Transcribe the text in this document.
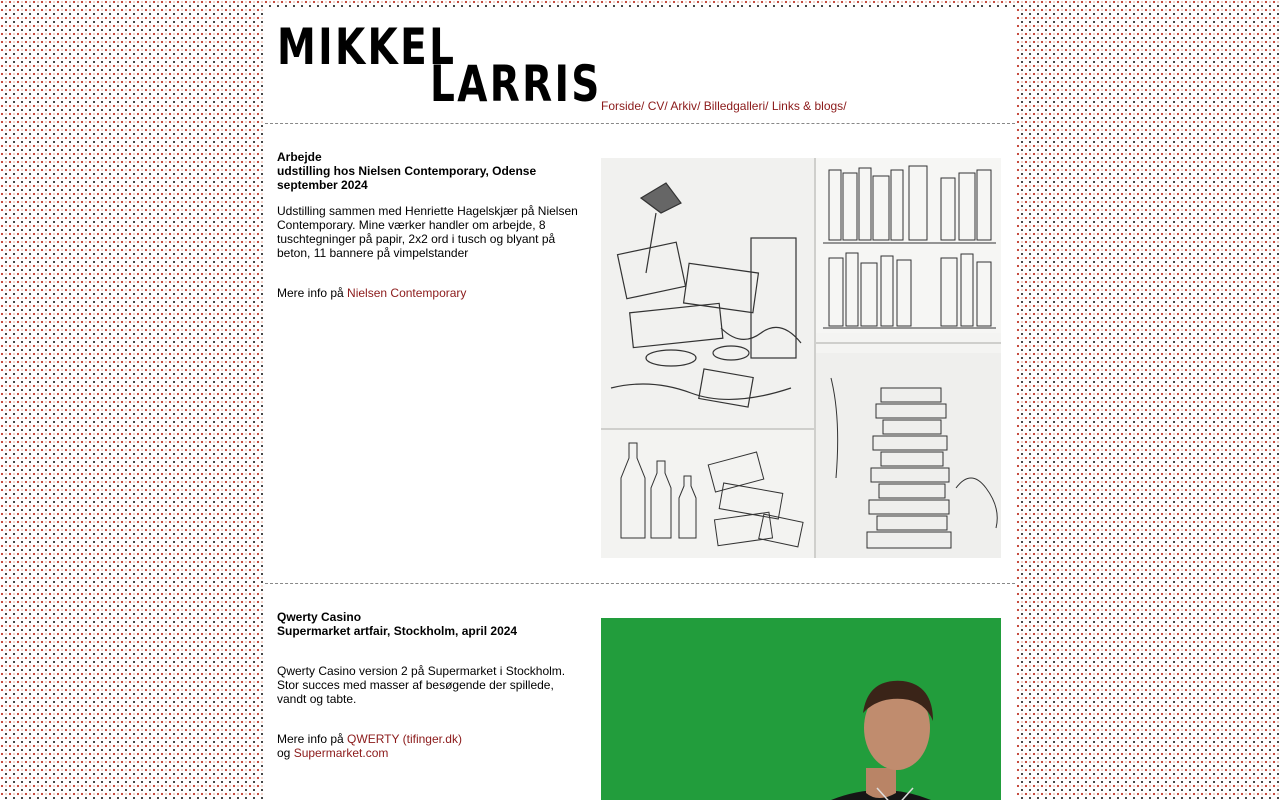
MIKKEL
LARRIS Forside/ CV/ Arkiv/ Billedgalleri/ Links & blogs/

Arbejde

udstilling hos Nielsen Contemporary, Odense

september 2024

Udstilling sammen med Henriette Hagelskjær på Nielsen Contemporary. Mine værker handler om arbejde, 8 tuschtegninger på papir, 2x2 ord i tusch og blyant på beton, 11 bannere på vimpelstander

Mere info på Nielsen Contemporary

Qwerty Casino

Supermarket artfair, Stockholm, april 2024

Qwerty Casino version 2 på Supermarket i Stockholm. Stor succes med masser af besøgende der spillede, vandt og tabte.

Mere info på QWERTY (tifinger.dk)

og Supermarket.com
